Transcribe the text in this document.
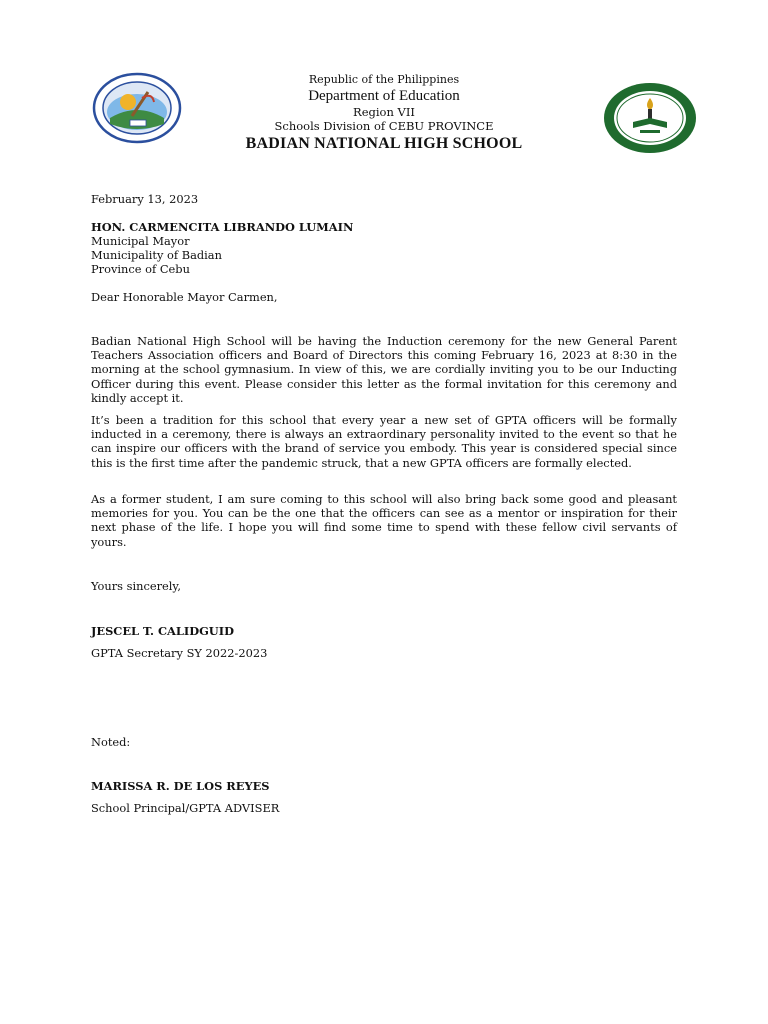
Republic of the Philippines
Department of Education
Region VII
Schools Division of CEBU PROVINCE
BADIAN NATIONAL HIGH SCHOOL
February 13, 2023
HON. CARMENCITA LIBRANDO LUMAIN
Municipal Mayor
Municipality of Badian
Province of Cebu
Dear Honorable Mayor Carmen,

Badian National High School will be having the Induction ceremony for the new General Parent Teachers Association officers and Board of Directors this coming February 16, 2023 at 8:30 in the morning at the school gymnasium. In view of this, we are cordially inviting you to be our Inducting Officer during this event. Please consider this letter as the formal invitation for this ceremony and kindly accept it.

It’s been a tradition for this school that every year a new set of GPTA officers will be formally inducted in a ceremony, there is always an extraordinary personality invited to the event so that he can inspire our officers with the brand of service you embody. This year is considered special since this is the first time after the pandemic struck, that a new GPTA officers are formally elected.

As a former student, I am sure coming to this school will also bring back some good and pleasant memories for you. You can be the one that the officers can see as a mentor or inspiration for their next phase of the life. I hope you will find some time to spend with these fellow civil servants of yours.

Yours sincerely,
JESCEL T. CALIDGUID
GPTA Secretary SY 2022-2023
Noted:
MARISSA R. DE LOS REYES
School Principal/GPTA ADVISER
